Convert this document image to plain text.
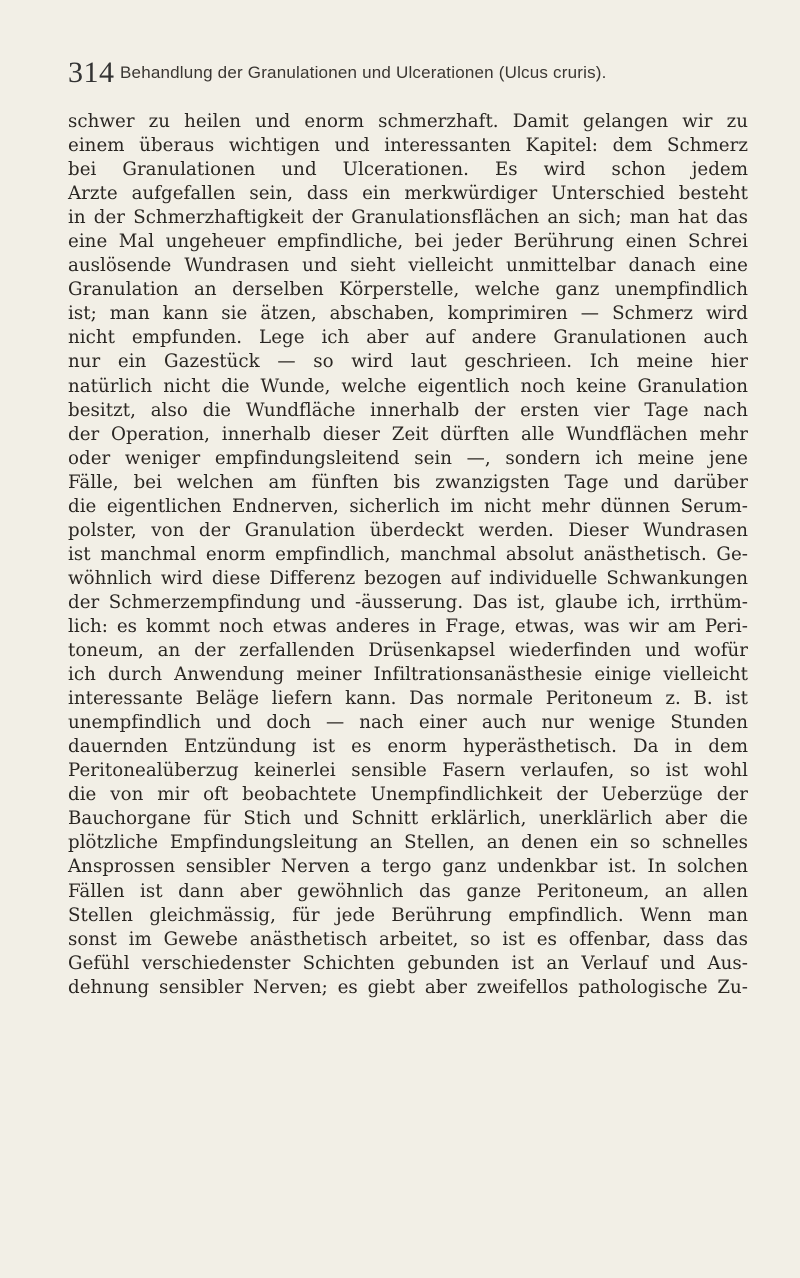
314 Behandlung der Granulationen und Ulcerationen (Ulcus cruris).
schwer zu heilen und enorm schmerzhaft. Damit gelangen wir zu
einem überaus wichtigen und interessanten Kapitel: dem Schmerz
bei Granulationen und Ulcerationen. Es wird schon jedem
Arzte aufgefallen sein, dass ein merkwürdiger Unterschied besteht
in der Schmerzhaftigkeit der Granulationsflächen an sich; man hat das
eine Mal ungeheuer empfindliche, bei jeder Berührung einen Schrei
auslösende Wundrasen und sieht vielleicht unmittelbar danach eine
Granulation an derselben Körperstelle, welche ganz unempfindlich
ist; man kann sie ätzen, abschaben, komprimiren — Schmerz wird
nicht empfunden. Lege ich aber auf andere Granulationen auch
nur ein Gazestück — so wird laut geschrieen. Ich meine hier
natürlich nicht die Wunde, welche eigentlich noch keine Granulation
besitzt, also die Wundfläche innerhalb der ersten vier Tage nach
der Operation, innerhalb dieser Zeit dürften alle Wundflächen mehr
oder weniger empfindungsleitend sein —, sondern ich meine jene
Fälle, bei welchen am fünften bis zwanzigsten Tage und darüber
die eigentlichen Endnerven, sicherlich im nicht mehr dünnen Serum-
polster, von der Granulation überdeckt werden. Dieser Wundrasen
ist manchmal enorm empfindlich, manchmal absolut anästhetisch. Ge-
wöhnlich wird diese Differenz bezogen auf individuelle Schwankungen
der Schmerzempfindung und -äusserung. Das ist, glaube ich, irrthüm-
lich: es kommt noch etwas anderes in Frage, etwas, was wir am Peri-
toneum, an der zerfallenden Drüsenkapsel wiederfinden und wofür
ich durch Anwendung meiner Infiltrationsanästhesie einige vielleicht
interessante Beläge liefern kann. Das normale Peritoneum z. B. ist
unempfindlich und doch — nach einer auch nur wenige Stunden
dauernden Entzündung ist es enorm hyperästhetisch. Da in dem
Peritonealüberzug keinerlei sensible Fasern verlaufen, so ist wohl
die von mir oft beobachtete Unempfindlichkeit der Ueberzüge der
Bauchorgane für Stich und Schnitt erklärlich, unerklärlich aber die
plötzliche Empfindungsleitung an Stellen, an denen ein so schnelles
Ansprossen sensibler Nerven a tergo ganz undenkbar ist. In solchen
Fällen ist dann aber gewöhnlich das ganze Peritoneum, an allen
Stellen gleichmässig, für jede Berührung empfindlich. Wenn man
sonst im Gewebe anästhetisch arbeitet, so ist es offenbar, dass das
Gefühl verschiedenster Schichten gebunden ist an Verlauf und Aus-
dehnung sensibler Nerven; es giebt aber zweifellos pathologische Zu-
